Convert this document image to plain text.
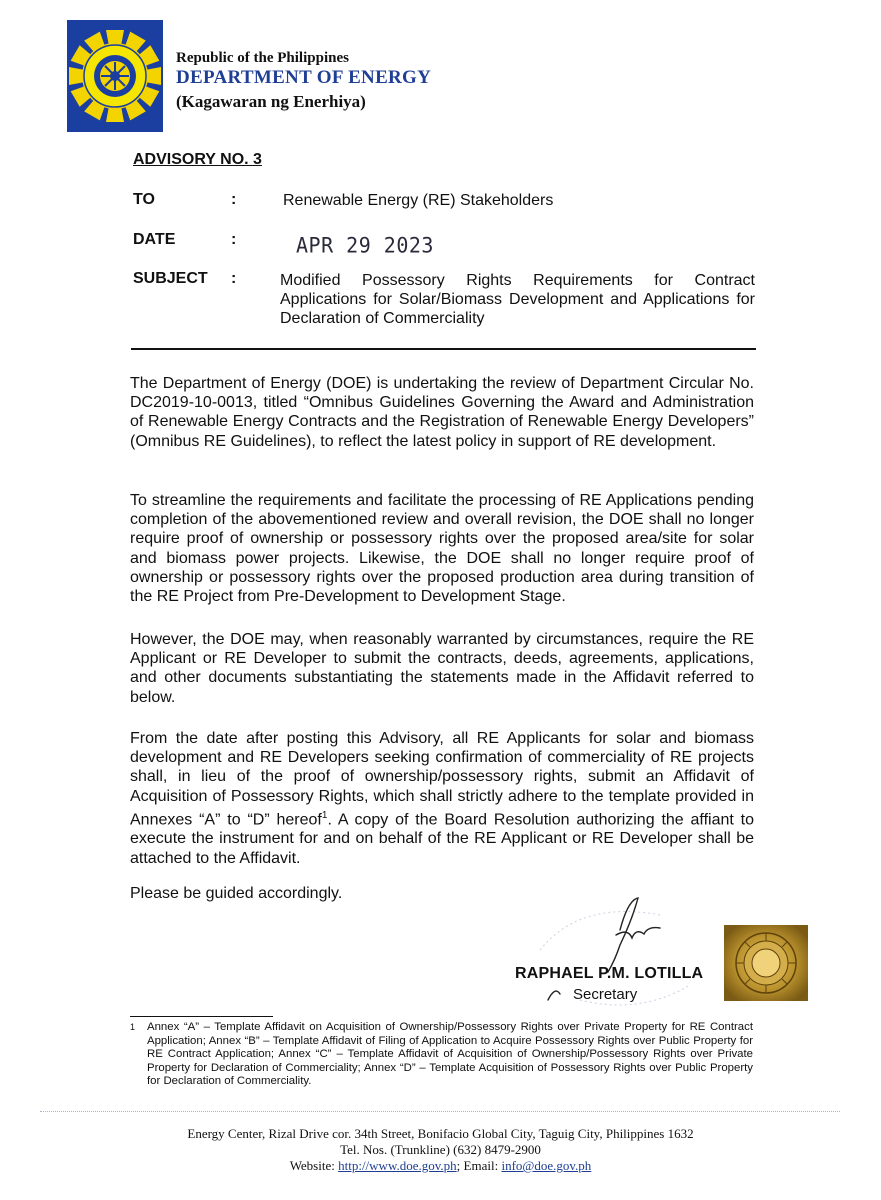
Republic of the Philippines
DEPARTMENT OF ENERGY
(Kagawaran ng Enerhiya)
ADVISORY NO. 3
TO	:	Renewable Energy (RE) Stakeholders
DATE	:	APR 29 2023
SUBJECT :	Modified Possessory Rights Requirements for Contract Applications for Solar/Biomass Development and Applications for Declaration of Commerciality

The Department of Energy (DOE) is undertaking the review of Department Circular No. DC2019-10-0013, titled “Omnibus Guidelines Governing the Award and Administration of Renewable Energy Contracts and the Registration of Renewable Energy Developers” (Omnibus RE Guidelines), to reflect the latest policy in support of RE development.

To streamline the requirements and facilitate the processing of RE Applications pending completion of the abovementioned review and overall revision, the DOE shall no longer require proof of ownership or possessory rights over the proposed area/site for solar and biomass power projects. Likewise, the DOE shall no longer require proof of ownership or possessory rights over the proposed production area during transition of the RE Project from Pre-Development to Development Stage.

However, the DOE may, when reasonably warranted by circumstances, require the RE Applicant or RE Developer to submit the contracts, deeds, agreements, applications, and other documents substantiating the statements made in the Affidavit referred to below.

From the date after posting this Advisory, all RE Applicants for solar and biomass development and RE Developers seeking confirmation of commerciality of RE projects shall, in lieu of the proof of ownership/possessory rights, submit an Affidavit of Acquisition of Possessory Rights, which shall strictly adhere to the template provided in Annexes “A” to “D” hereof$^1$. A copy of the Board Resolution authorizing the affiant to execute the instrument for and on behalf of the RE Applicant or RE Developer shall be attached to the Affidavit.

Please be guided accordingly.
RAPHAEL P.M. LOTILLA
Secretary
1	Annex “A” – Template Affidavit on Acquisition of Ownership/Possessory Rights over Private Property for RE Contract Application; Annex “B” – Template Affidavit of Filing of Application to Acquire Possessory Rights over Public Property for RE Contract Application; Annex “C” – Template Affidavit of Acquisition of Ownership/Possessory Rights over Private Property for Declaration of Commerciality; Annex “D” – Template Acquisition of Possessory Rights over Public Property for Declaration of Commerciality.
Energy Center, Rizal Drive cor. 34th Street, Bonifacio Global City, Taguig City, Philippines 1632
Tel. Nos. (Trunkline) (632) 8479-2900
Website: http://www.doe.gov.ph; Email: info@doe.gov.ph
